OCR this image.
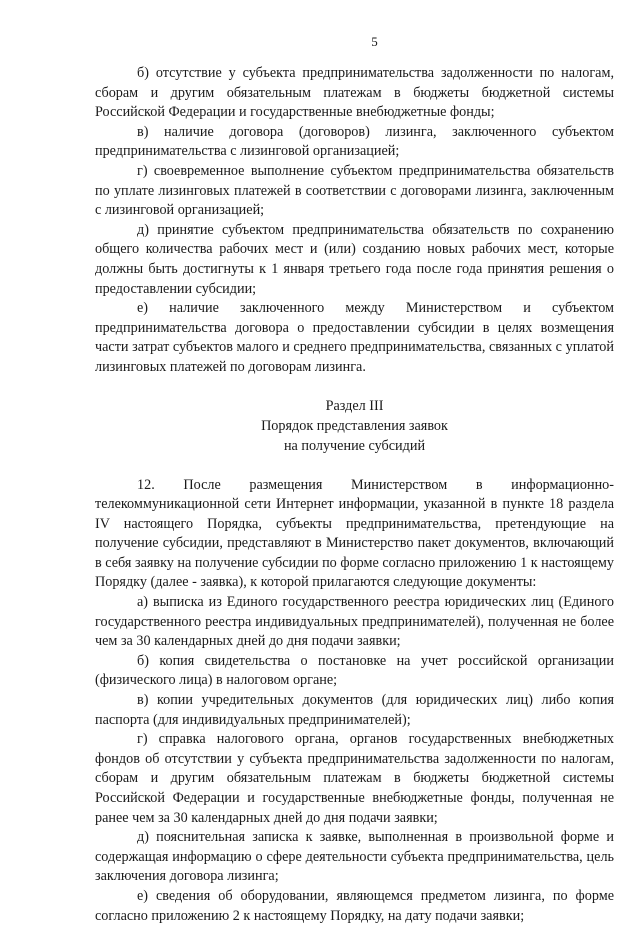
5

б) отсутствие у субъекта предпринимательства задолженности по налогам, сборам и другим обязательным платежам в бюджеты бюджетной системы Российской Федерации и государственные внебюджетные фонды;

в) наличие договора (договоров) лизинга, заключенного субъектом предпринимательства с лизинговой организацией;

г) своевременное выполнение субъектом предпринимательства обязательств по уплате лизинговых платежей в соответствии с договорами лизинга, заключенным с лизинговой организацией;

д) принятие субъектом предпринимательства обязательств по сохранению общего количества рабочих мест и (или) созданию новых рабочих мест, которые должны быть достигнуты к 1 января третьего года после года принятия решения о предоставлении субсидии;

е) наличие заключенного между Министерством и субъектом предпринимательства договора о предоставлении субсидии в целях возмещения части затрат субъектов малого и среднего предпринимательства, связанных с уплатой лизинговых платежей по договорам лизинга.

Раздел III
Порядок представления заявок
на получение субсидий

12. После размещения Министерством в информационно-телекоммуникационной сети Интернет информации, указанной в пункте 18 раздела IV настоящего Порядка, субъекты предпринимательства, претендующие на получение субсидии, представляют в Министерство пакет документов, включающий в себя заявку на получение субсидии по форме согласно приложению 1 к настоящему Порядку (далее - заявка), к которой прилагаются следующие документы:

а) выписка из Единого государственного реестра юридических лиц (Единого государственного реестра индивидуальных предпринимателей), полученная не более чем за 30 календарных дней до дня подачи заявки;

б) копия свидетельства о постановке на учет российской организации (физического лица) в налоговом органе;

в) копии учредительных документов (для юридических лиц) либо копия паспорта (для индивидуальных предпринимателей);

г) справка налогового органа, органов государственных внебюджетных фондов об отсутствии у субъекта предпринимательства задолженности по налогам, сборам и другим обязательным платежам в бюджеты бюджетной системы Российской Федерации и государственные внебюджетные фонды, полученная не ранее чем за 30 календарных дней до дня подачи заявки;

д) пояснительная записка к заявке, выполненная в произвольной форме и содержащая информацию о сфере деятельности субъекта предпринимательства, цель заключения договора лизинга;

е) сведения об оборудовании, являющемся предметом лизинга, по форме согласно приложению 2 к настоящему Порядку, на дату подачи заявки;
